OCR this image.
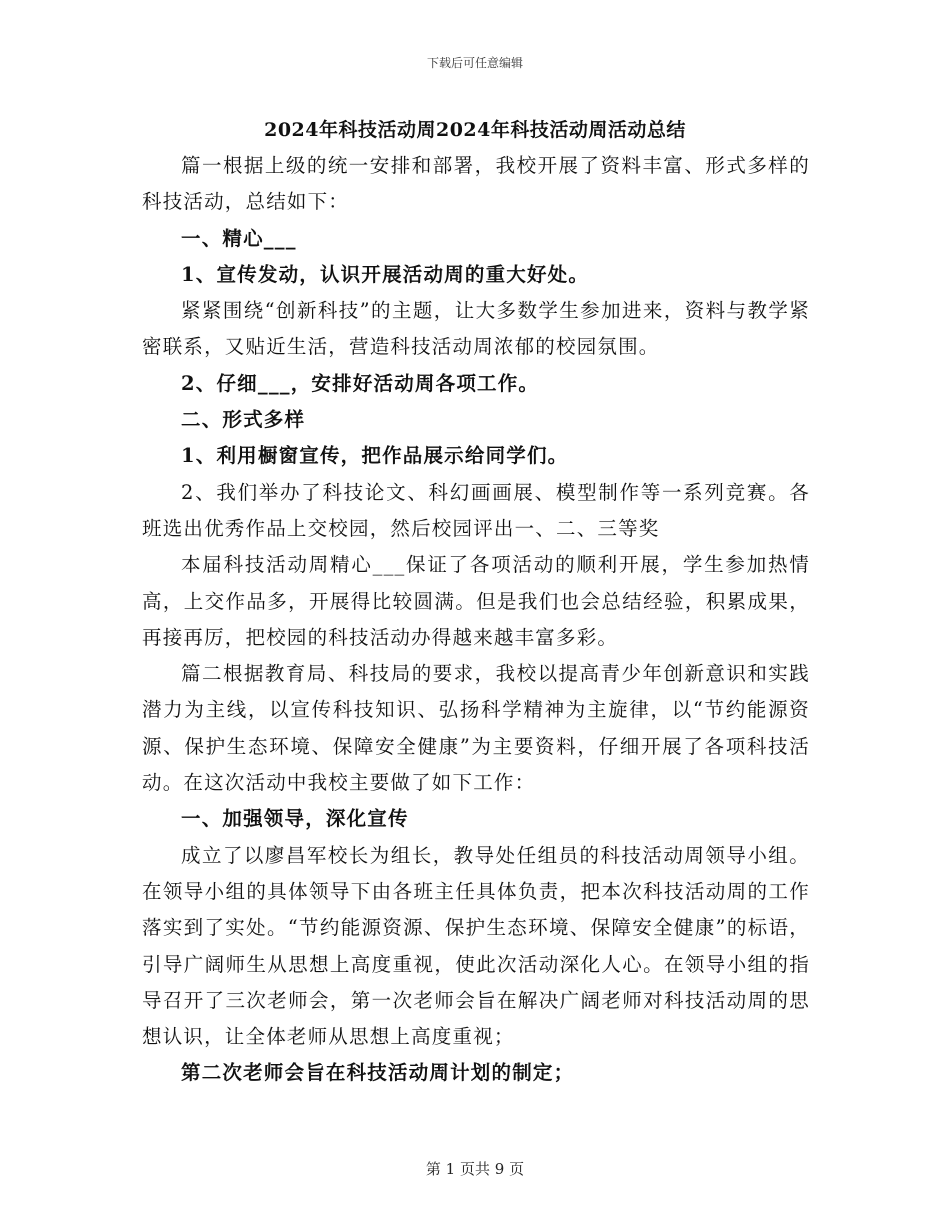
下载后可任意编辑
2024年科技活动周2024年科技活动周活动总结

篇一根据上级的统一安排和部署，我校开展了资料丰富、形式多样的科技活动，总结如下：

一、精心___

1、宣传发动，认识开展活动周的重大好处。

紧紧围绕“创新科技”的主题，让大多数学生参加进来，资料与教学紧密联系，又贴近生活，营造科技活动周浓郁的校园氛围。

2、仔细___，安排好活动周各项工作。

二、形式多样

1、利用橱窗宣传，把作品展示给同学们。

2、我们举办了科技论文、科幻画画展、模型制作等一系列竞赛。各班选出优秀作品上交校园，然后校园评出一、二、三等奖

本届科技活动周精心___保证了各项活动的顺利开展，学生参加热情高，上交作品多，开展得比较圆满。但是我们也会总结经验，积累成果，再接再厉，把校园的科技活动办得越来越丰富多彩。

篇二根据教育局、科技局的要求，我校以提高青少年创新意识和实践潜力为主线，以宣传科技知识、弘扬科学精神为主旋律，以“节约能源资源、保护生态环境、保障安全健康”为主要资料，仔细开展了各项科技活动。在这次活动中我校主要做了如下工作：

一、加强领导，深化宣传

成立了以廖昌军校长为组长，教导处任组员的科技活动周领导小组。在领导小组的具体领导下由各班主任具体负责，把本次科技活动周的工作落实到了实处。“节约能源资源、保护生态环境、保障安全健康”的标语，引导广阔师生从思想上高度重视，使此次活动深化人心。在领导小组的指导召开了三次老师会，第一次老师会旨在解决广阔老师对科技活动周的思想认识，让全体老师从思想上高度重视；

第二次老师会旨在科技活动周计划的制定；

第 1 页共 9 页
